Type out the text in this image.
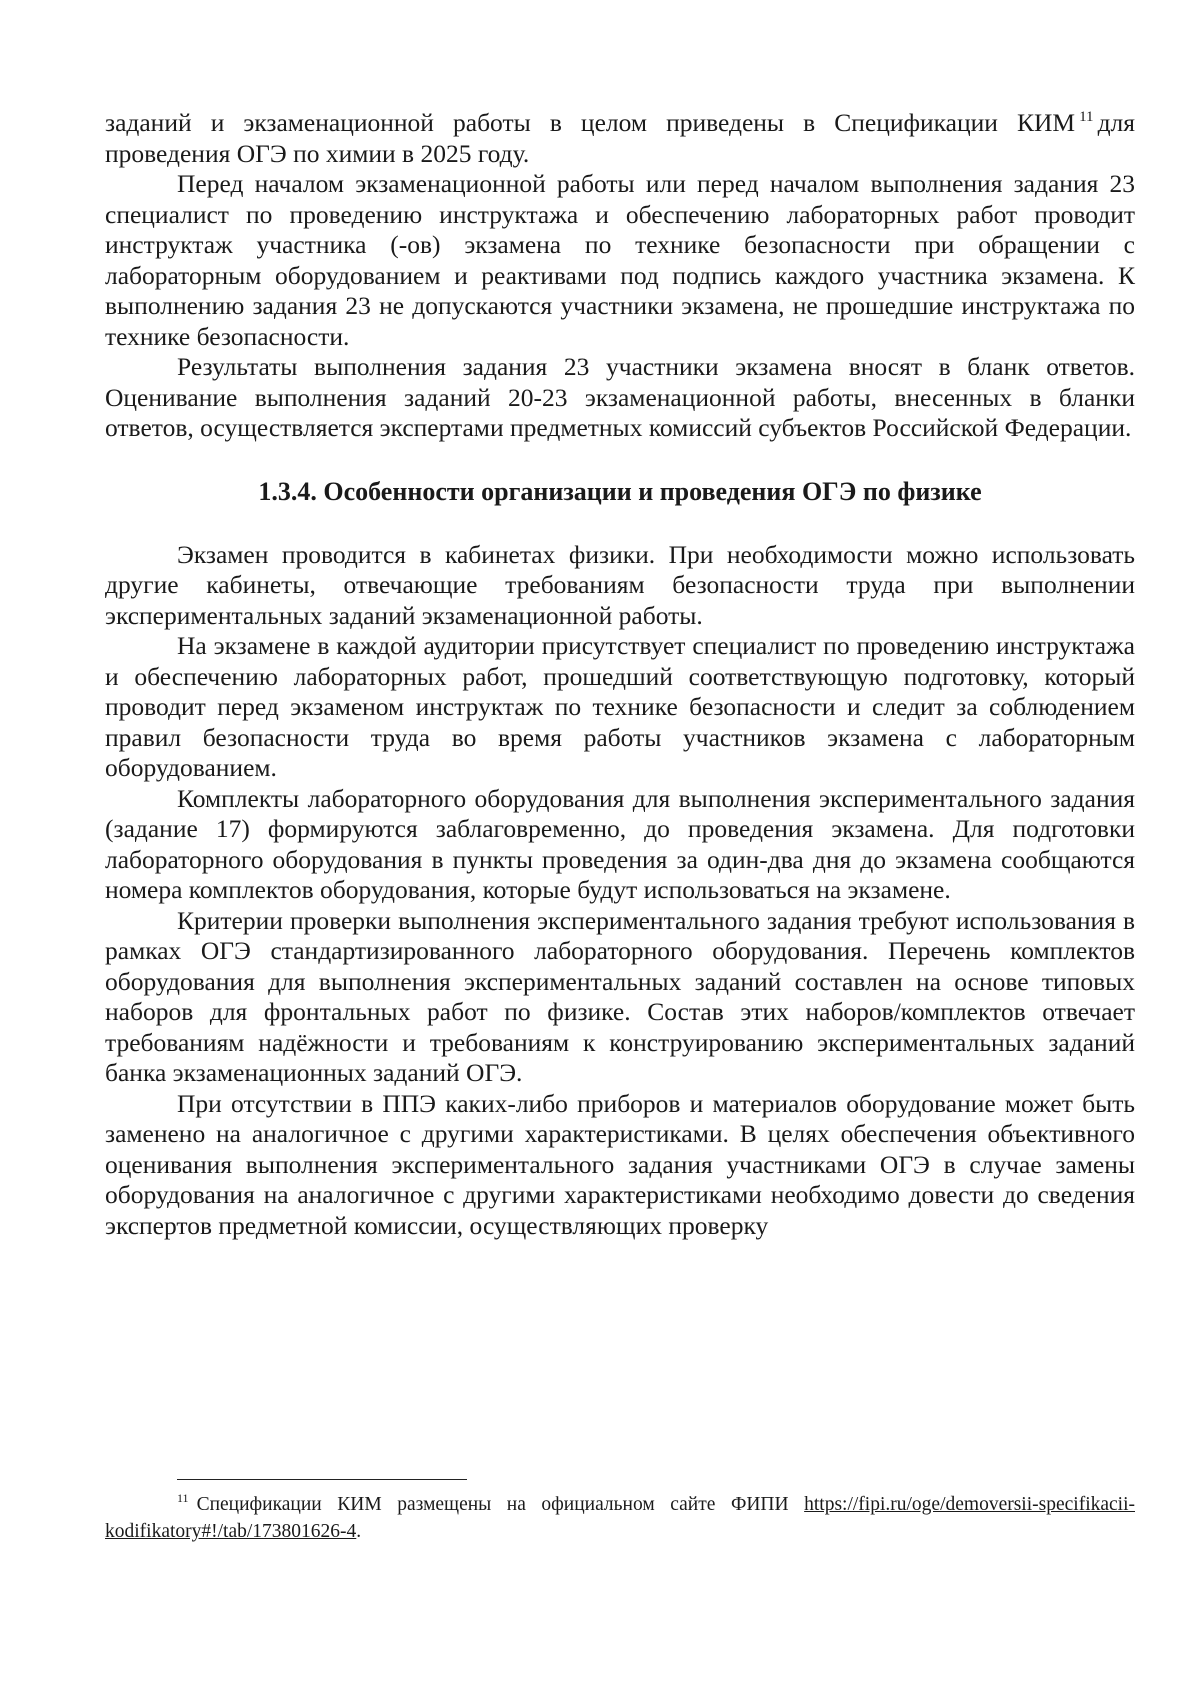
заданий и экзаменационной работы в целом приведены в Спецификации КИМ $^{11}$ для проведения ОГЭ по химии в 2025 году.

Перед началом экзаменационной работы или перед началом выполнения задания 23 специалист по проведению инструктажа и обеспечению лабораторных работ проводит инструктаж участника (-ов) экзамена по технике безопасности при обращении с лабораторным оборудованием и реактивами под подпись каждого участника экзамена. К выполнению задания 23 не допускаются участники экзамена, не прошедшие инструктажа по технике безопасности.

Результаты выполнения задания 23 участники экзамена вносят в бланк ответов. Оценивание выполнения заданий 20-23 экзаменационной работы, внесенных в бланки ответов, осуществляется экспертами предметных комиссий субъектов Российской Федерации.

1.3.4. Особенности организации и проведения ОГЭ по физике

Экзамен проводится в кабинетах физики. При необходимости можно использовать другие кабинеты, отвечающие требованиям безопасности труда при выполнении экспериментальных заданий экзаменационной работы.

На экзамене в каждой аудитории присутствует специалист по проведению инструктажа и обеспечению лабораторных работ, прошедший соответствующую подготовку, который проводит перед экзаменом инструктаж по технике безопасности и следит за соблюдением правил безопасности труда во время работы участников экзамена с лабораторным оборудованием.

Комплекты лабораторного оборудования для выполнения экспериментального задания (задание 17) формируются заблаговременно, до проведения экзамена. Для подготовки лабораторного оборудования в пункты проведения за один-два дня до экзамена сообщаются номера комплектов оборудования, которые будут использоваться на экзамене.

Критерии проверки выполнения экспериментального задания требуют использования в рамках ОГЭ стандартизированного лабораторного оборудования. Перечень комплектов оборудования для выполнения экспериментальных заданий составлен на основе типовых наборов для фронтальных работ по физике. Состав этих наборов/комплектов отвечает требованиям надёжности и требованиям к конструированию экспериментальных заданий банка экзаменационных заданий ОГЭ.

При отсутствии в ППЭ каких-либо приборов и материалов оборудование может быть заменено на аналогичное с другими характеристиками. В целях обеспечения объективного оценивания выполнения экспериментального задания участниками ОГЭ в случае замены оборудования на аналогичное с другими характеристиками необходимо довести до сведения экспертов предметной комиссии, осуществляющих проверку

11 Спецификации КИМ размещены на официальном сайте ФИПИ https://fipi.ru/oge/demoversii-specifikacii-kodifikatory#!/tab/173801626-4.
